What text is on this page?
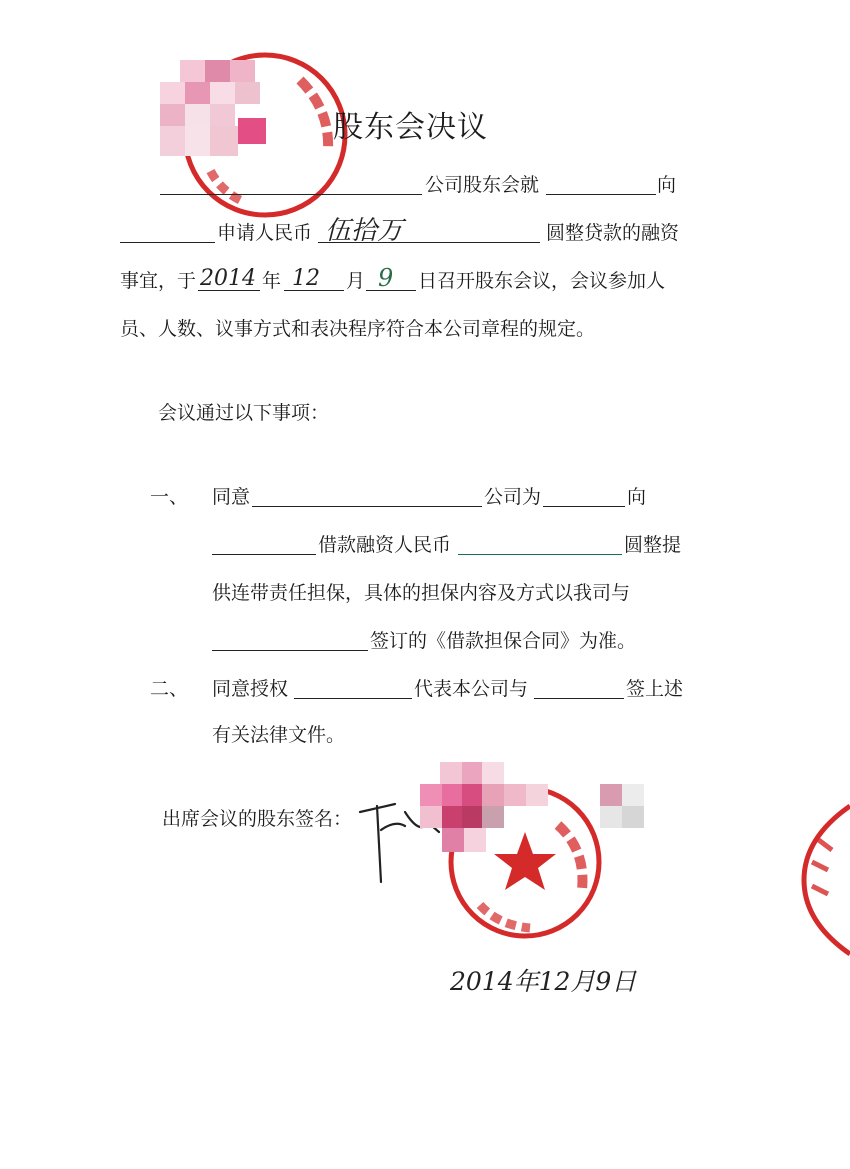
股东会决议
公司股东会就	向
申请人民币 伍拾万	圆整贷款的融资
事宜，于 2014 年 12 月 9 日召开股东会议，会议参加人
员、人数、议事方式和表决程序符合本公司章程的规定。
会议通过以下事项：
一、 同意	公司为	向
借款融资人民币	圆整提
供连带责任担保，具体的担保内容及方式以我司与
签订的《借款担保合同》为准。
二、 同意授权	代表本公司与	签上述
有关法律文件。
出席会议的股东签名：
2014年12月9日
